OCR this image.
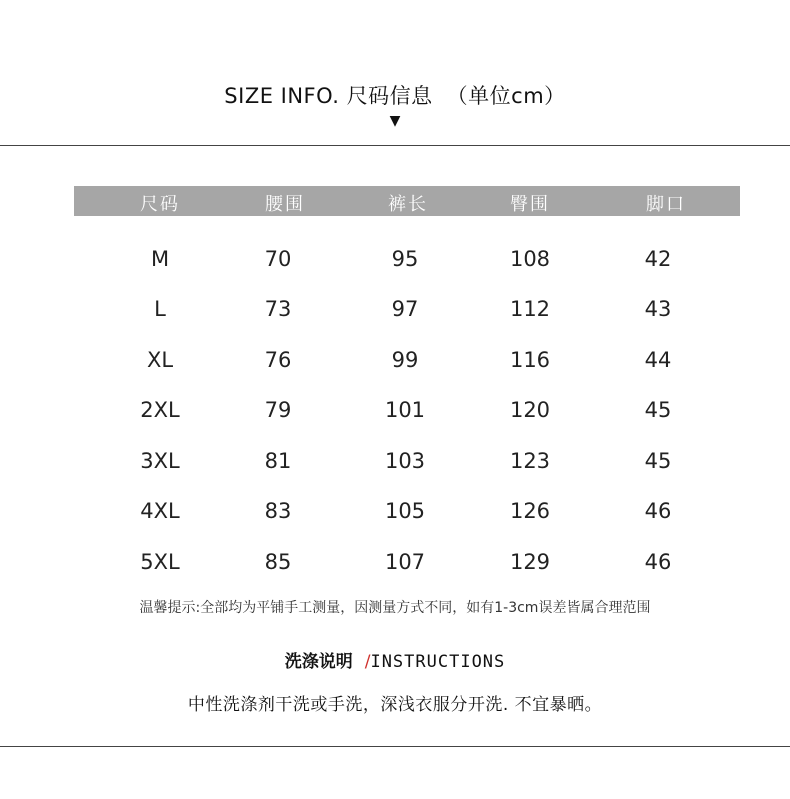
SIZE INFO. 尺码信息 （单位cm）
▼
尺码	腰围	裤长	臀围	脚口
M	70	95	108	42
L	73	97	112	43
XL	76	99	116	44
2XL	79	101	120	45
3XL	81	103	123	45
4XL	83	105	126	46
5XL	85	107	129	46
温馨提示:全部均为平铺手工测量，因测量方式不同，如有1-3cm误差皆属合理范围
洗涤说明 /INSTRUCTIONS
中性洗涤剂干洗或手洗，深浅衣服分开洗. 不宜暴晒。
